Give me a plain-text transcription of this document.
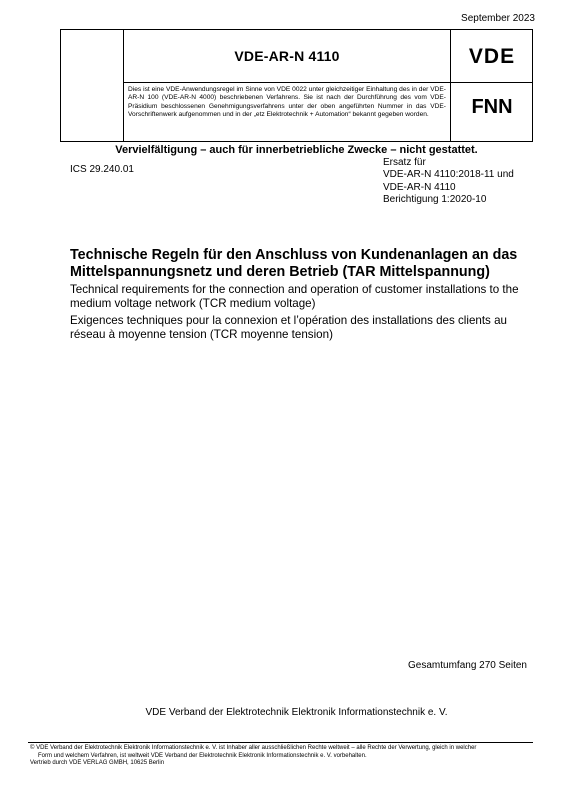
September 2023
VDE-AR-N 4110	VDE
FNN
Dies ist eine VDE-Anwendungsregel im Sinne von VDE 0022 unter gleichzeitiger Einhaltung des in der VDE-AR-N 100 (VDE-AR-N 4000) beschriebenen Verfahrens. Sie ist nach der Durchführung des vom VDE-Präsidium beschlossenen Genehmigungsverfahrens unter der oben angeführten Nummer in das VDE-Vorschriftenwerk aufgenommen und in der „etz Elektrotechnik + Automation“ bekannt gegeben worden.
Vervielfältigung – auch für innerbetriebliche Zwecke – nicht gestattet.
ICS 29.240.01
Ersatz für
VDE-AR-N 4110:2018-11 und
VDE-AR-N 4110
Berichtigung 1:2020-10
Technische Regeln für den Anschluss von Kundenanlagen an das Mittelspannungsnetz und deren Betrieb (TAR Mittelspannung)
Technical requirements for the connection and operation of customer installations to the medium voltage network (TCR medium voltage)
Exigences techniques pour la connexion et l’opération des installations des clients au réseau à moyenne tension (TCR moyenne tension)
Gesamtumfang 270 Seiten
VDE Verband der Elektrotechnik Elektronik Informationstechnik e. V.
© VDE Verband der Elektrotechnik Elektronik Informationstechnik e. V. ist Inhaber aller ausschließlichen Rechte weltweit – alle Rechte der Verwertung, gleich in welcher
Form und welchem Verfahren, ist weltweit VDE Verband der Elektrotechnik Elektronik Informationstechnik e. V. vorbehalten.
Vertrieb durch VDE VERLAG GMBH, 10625 Berlin
